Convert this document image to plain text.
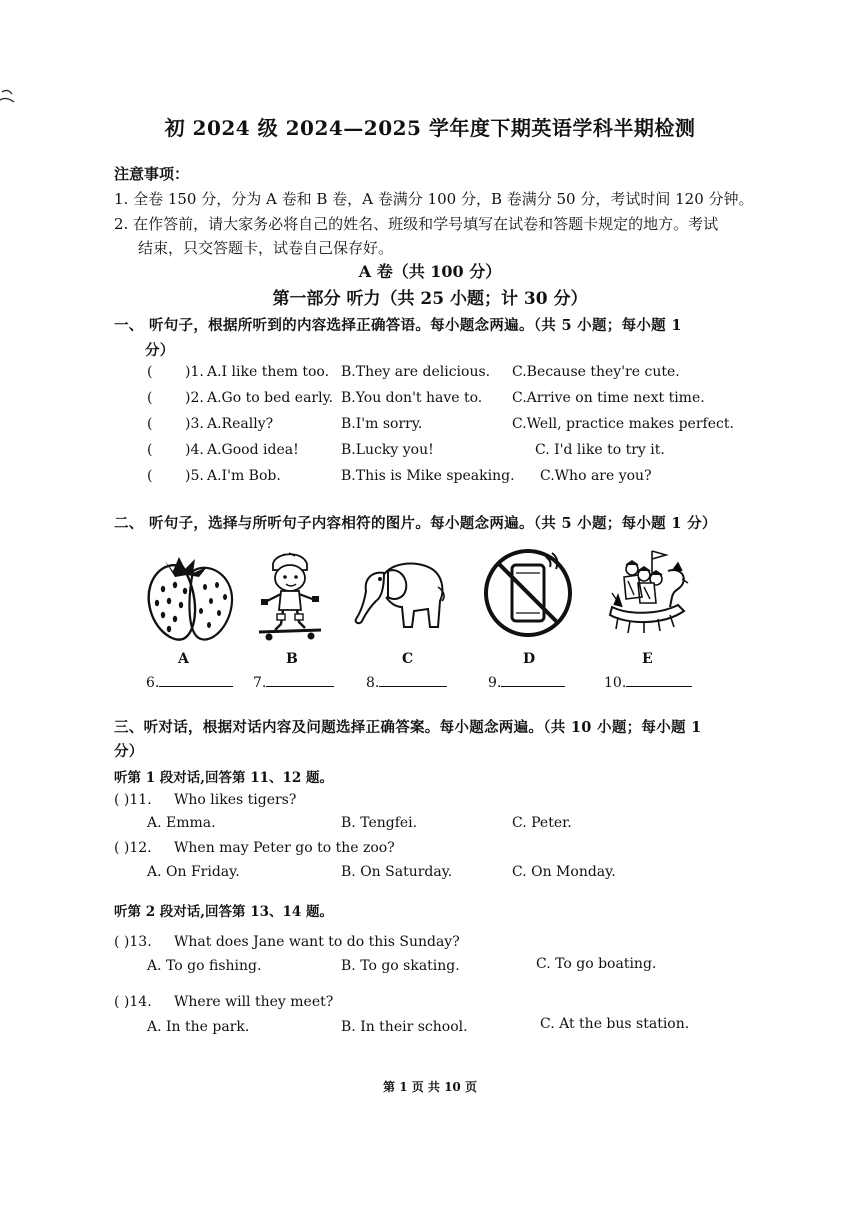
初 2024 级 2024—2025 学年度下期英语学科半期检测
注意事项：
1. 全卷 150 分，分为 A 卷和 B 卷，A 卷满分 100 分，B 卷满分 50 分，考试时间 120 分钟。
2. 在作答前，请大家务必将自己的姓名、班级和学号填写在试卷和答题卡规定的地方。考试
结束，只交答题卡，试卷自己保存好。
A 卷（共 100 分）
第一部分 听力（共 25 小题；计 30 分）
一、 听句子，根据所听到的内容选择正确答语。每小题念两遍。（共 5 小题；每小题 1
分）
( )1. A.I like them too. B.They are delicious. C.Because they're cute.
( )2. A.Go to bed early. B.You don't have to. C.Arrive on time next time.
( )3. A.Really?	B.I'm sorry.	C.Well, practice makes perfect.
( )4. A.Good idea!	B.Lucky you!	C. I'd like to try it.
( )5. A.I'm Bob.	B.This is Mike speaking. C.Who are you?
二、 听句子，选择与所听句子内容相符的图片。每小题念两遍。（共 5 小题；每小题 1 分）
A	B	C	D	E
6.	7.	8.	9.	10.
三、听对话，根据对话内容及问题选择正确答案。每小题念两遍。（共 10 小题；每小题 1
分）
听第 1 段对话,回答第 11、12 题。
( )11. Who likes tigers?
A. Emma.	B. Tengfei.	C. Peter.
( )12. When may Peter go to the zoo?
A. On Friday.	B. On Saturday.	C. On Monday.
听第 2 段对话,回答第 13、14 题。
( )13. What does Jane want to do this Sunday?
A. To go fishing.	B. To go skating.	C. To go boating.
( )14. Where will they meet?
A. In the park.	B. In their school.	C. At the bus station.
第 1 页 共 10 页
